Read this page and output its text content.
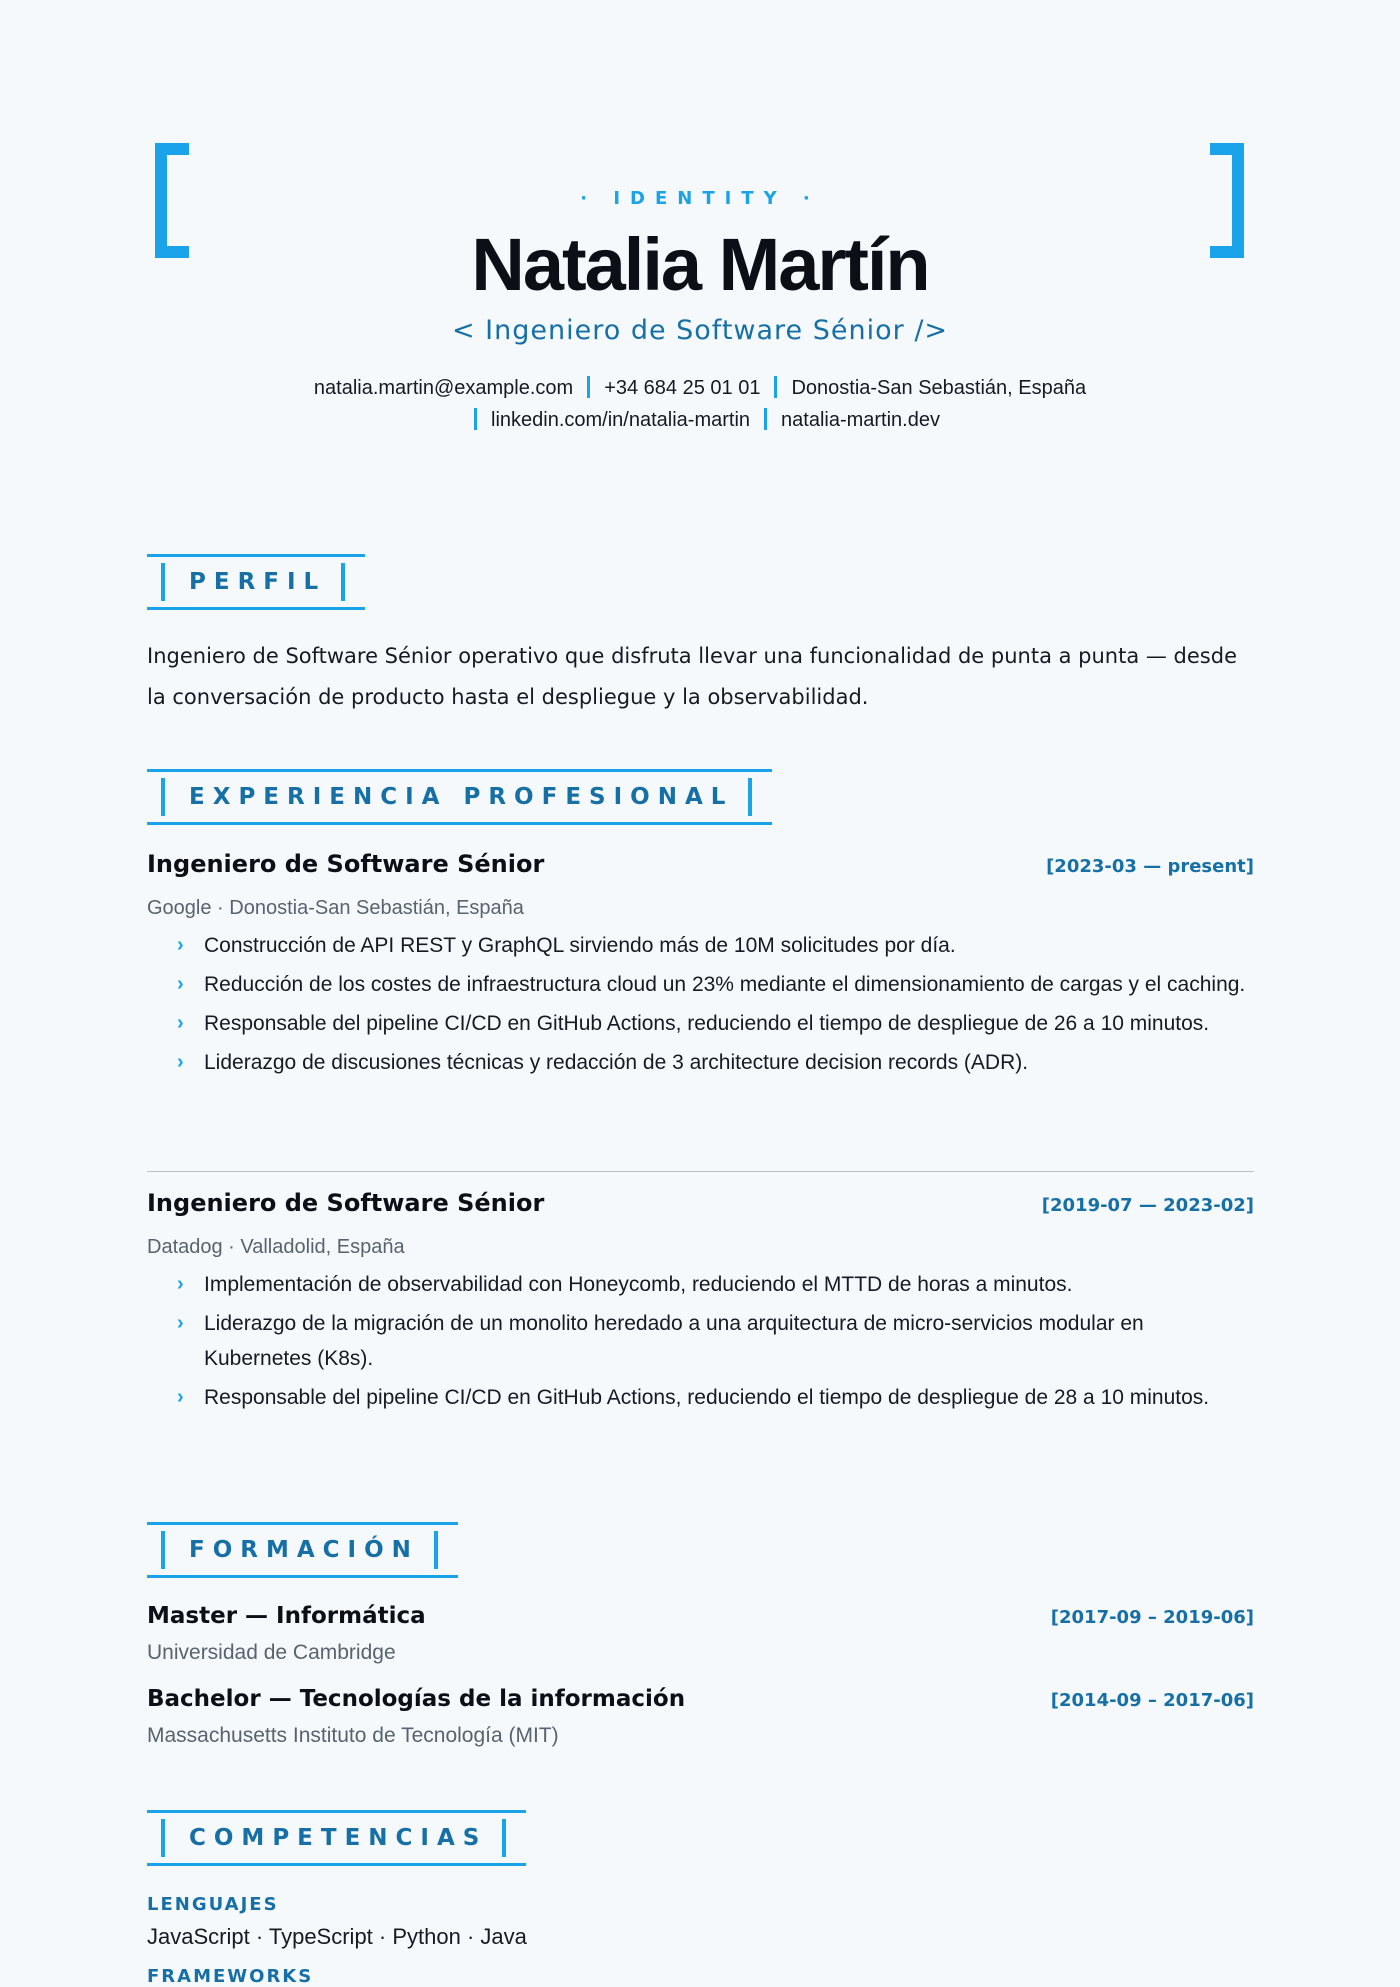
· IDENTITY ·
Natalia Martín
< Ingeniero de Software Sénior />
natalia.martin@example.com +34 684 25 01 01 Donostia-San Sebastián, Españalinkedin.com/in/natalia-martin natalia-martin.dev
PERFIL
Ingeniero de Software Sénior operativo que disfruta llevar una funcionalidad de punta a punta — desde la conversación de producto hasta el despliegue y la observabilidad.
EXPERIENCIA PROFESIONAL
Ingeniero de Software Sénior	[2023-03 — present]
Google · Donostia-San Sebastián, España
› Construcción de API REST y GraphQL sirviendo más de 10M solicitudes por día.
› Reducción de los costes de infraestructura cloud un 23% mediante el dimensionamiento de cargas y el caching.
› Responsable del pipeline CI/CD en GitHub Actions, reduciendo el tiempo de despliegue de 26 a 10 minutos.
› Liderazgo de discusiones técnicas y redacción de 3 architecture decision records (ADR).
Ingeniero de Software Sénior	[2019-07 — 2023-02]
Datadog · Valladolid, España
› Implementación de observabilidad con Honeycomb, reduciendo el MTTD de horas a minutos.
› Liderazgo de la migración de un monolito heredado a una arquitectura de micro-servicios modular en Kubernetes (K8s).
› Responsable del pipeline CI/CD en GitHub Actions, reduciendo el tiempo de despliegue de 28 a 10 minutos.
FORMACIÓN
Master — Informática	[2017-09 – 2019-06]
Universidad de Cambridge
Bachelor — Tecnologías de la información	[2014-09 – 2017-06]
Massachusetts Instituto de Tecnología (MIT)
COMPETENCIAS
LENGUAJES
JavaScript · TypeScript · Python · Java
FRAMEWORKS
